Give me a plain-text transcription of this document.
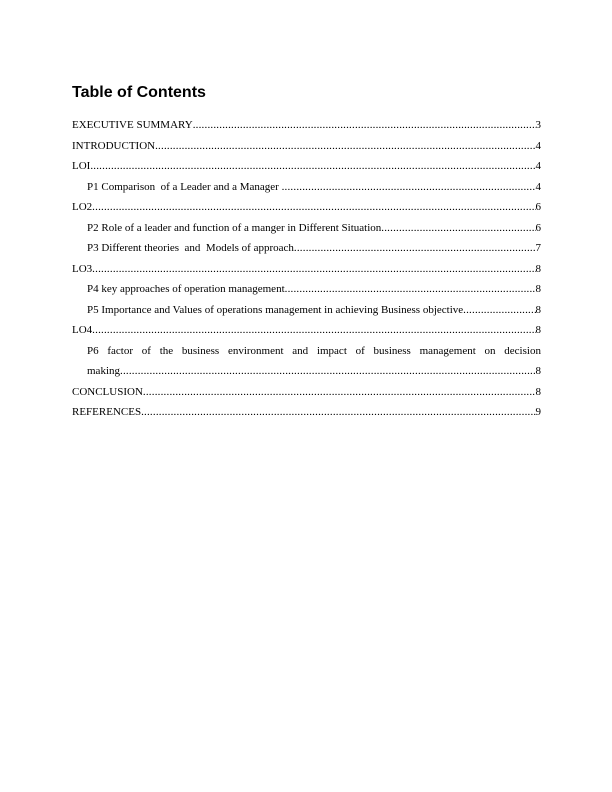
Table of Contents
EXECUTIVE SUMMARY .....	3
INTRODUCTION .....	4
LOI .....	4
P1 Comparison  of a Leader and a Manager .....	4
LO2 .....	6
P2 Role of a leader and function of a manger in Different Situation .....	6
P3 Different theories  and  Models of approach .....	7
LO3 .....	8
P4 key approaches of operation management .....	8
P5 Importance and Values of operations management in achieving Business objective .....	8
LO4 .....	8
P6 factor of the business environment and impact of business management on decision
making .....	8
CONCLUSION .....	8
REFERENCES .....	9
